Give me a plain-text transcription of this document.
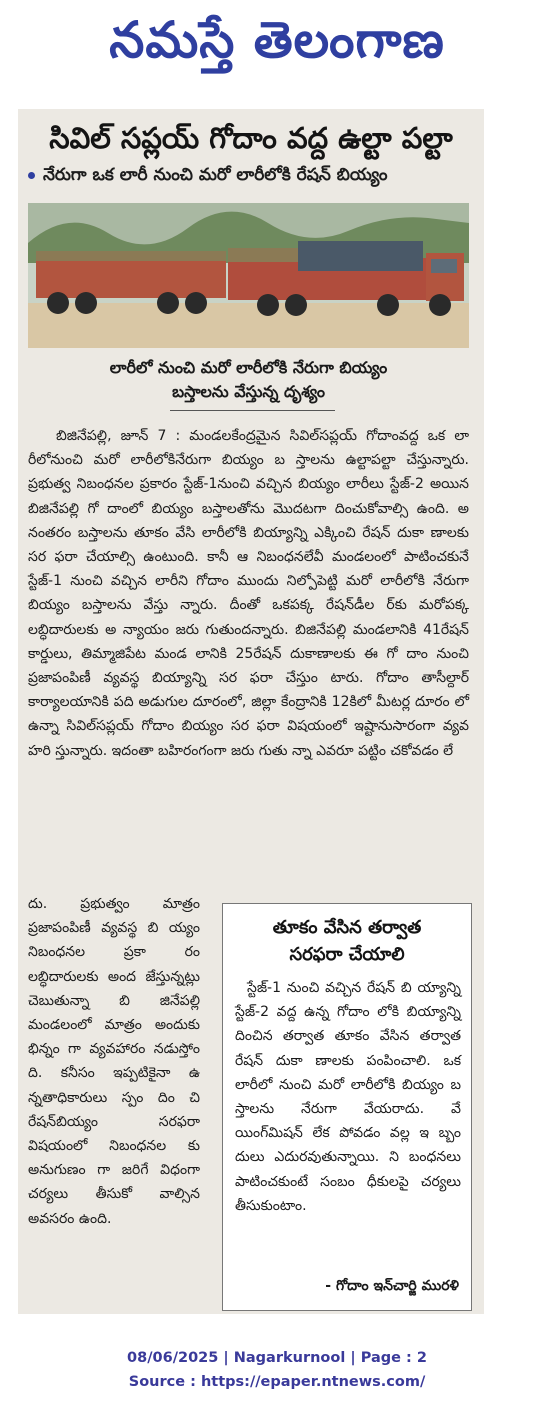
నమస్తే తెలంగాణ
సివిల్ సప్లయ్ గోదాం వద్ద ఉల్టా పల్టా
నేరుగా ఒక లారీ నుంచి మరో లారీలోకి రేషన్ బియ్యం
లారీలో నుంచి మరో లారీలోకి నేరుగా బియ్యం
బస్తాలను వేస్తున్న దృశ్యం

బిజినేపల్లి, జూన్ 7 : మండలకేంద్రమైన సివిల్‌సప్లయ్ గోదాంవద్ద ఒక లా రీలోనుంచి మరో లారీలోకినేరుగా బియ్యం బ స్తాలను ఉల్టాపల్టా చేస్తున్నారు. ప్రభుత్వ నిబంధనల ప్రకారం స్టేజ్-1నుంచి వచ్చిన బియ్యం లారీలు స్టేజ్-2 అయిన బిజినేపల్లి గో దాంలో బియ్యం బస్తాలతోను మొదటగా దించుకోవాల్సి ఉంది. అ నంతరం బస్తాలను తూకం వేసి లారీలోకి బియ్యాన్ని ఎక్కించి రేషన్ దుకా ణాలకు సర ఫరా చేయాల్సి ఉంటుంది. కానీ ఆ నిబంధనలేవీ మండలంలో పాటించకునే స్టేజ్-1 నుంచి వచ్చిన లారీని గోదాం ముందు నిల్పోపెట్టి మరో లారీలోకి నేరుగా బియ్యం బస్తాలను వేస్తు న్నారు. దీంతో ఒకపక్క రేషన్‌డీల ర్‌కు మరోపక్క లబ్ధిదారులకు అ న్యాయం జరు గుతుందన్నారు. బిజినేపల్లి మండలానికి 41రేషన్ కార్డులు, తిమ్మాజిపేట మండ లానికి 25రేషన్ దుకాణాలకు ఈ గో దాం నుంచి ప్రజాపంపిణీ వ్యవస్థ బియ్యాన్ని సర ఫరా చేస్తుం టారు. గోదాం తాసీల్దార్ కార్యాలయానికి పది అడుగుల దూరంలో, జిల్లా కేంద్రానికి 12కిలో మీటర్ల దూరం లో ఉన్నా సివిల్‌సప్లయ్ గోదాం బియ్యం సర ఫరా విషయంలో ఇష్టానుసారంగా వ్యవ హరి స్తున్నారు. ఇదంతా బహిరంగంగా జరు గుతు న్నా ఎవరూ పట్టిం చకోవడం లే

దు. ప్రభుత్వం మాత్రం ప్రజాపంపిణీ వ్యవస్థ బి య్యం నిబంధనల ప్రకా రం లబ్ధిదారులకు అంద జేస్తున్నట్లు చెబుతున్నా బి జినేపల్లి మండలంలో మాత్రం అందుకు భిన్నం గా వ్యవహారం నడుస్తోం ది. కనీసం ఇప్పటికైనా ఉ న్నతాధికారులు స్పం దిం చి రేషన్‌బియ్యం సరఫరా విషయంలో నిబంధనల కు అనుగుణం గా జరిగే విధంగా చర్యలు తీసుకో వాల్సిన అవసరం ఉంది.

తూకం వేసిన తర్వాత
సరఫరా చేయాలి

స్టేజ్-1 నుంచి వచ్చిన రేషన్ బి య్యాన్ని స్టేజ్-2 వద్ద ఉన్న గోదాం లోకి బియ్యాన్ని దించిన తర్వాత తూకం వేసిన తర్వాత రేషన్ దుకా ణాలకు పంపించాలి. ఒక లారీలో నుంచి మరో లారీలోకి బియ్యం బ స్తాలను నేరుగా వేయరాదు. వే యింగ్‌మిషన్ లేక పోవడం వల్ల ఇ బ్బం దులు ఎదురవుతున్నాయి. ని బంధనలు పాటించకుంటే సంబం ధీకులపై చర్యలు తీసుకుంటాం.

- గోదాం ఇన్‌చార్జి మురళి
08/06/2025 | Nagarkurnool | Page : 2
Source : https://epaper.ntnews.com/
